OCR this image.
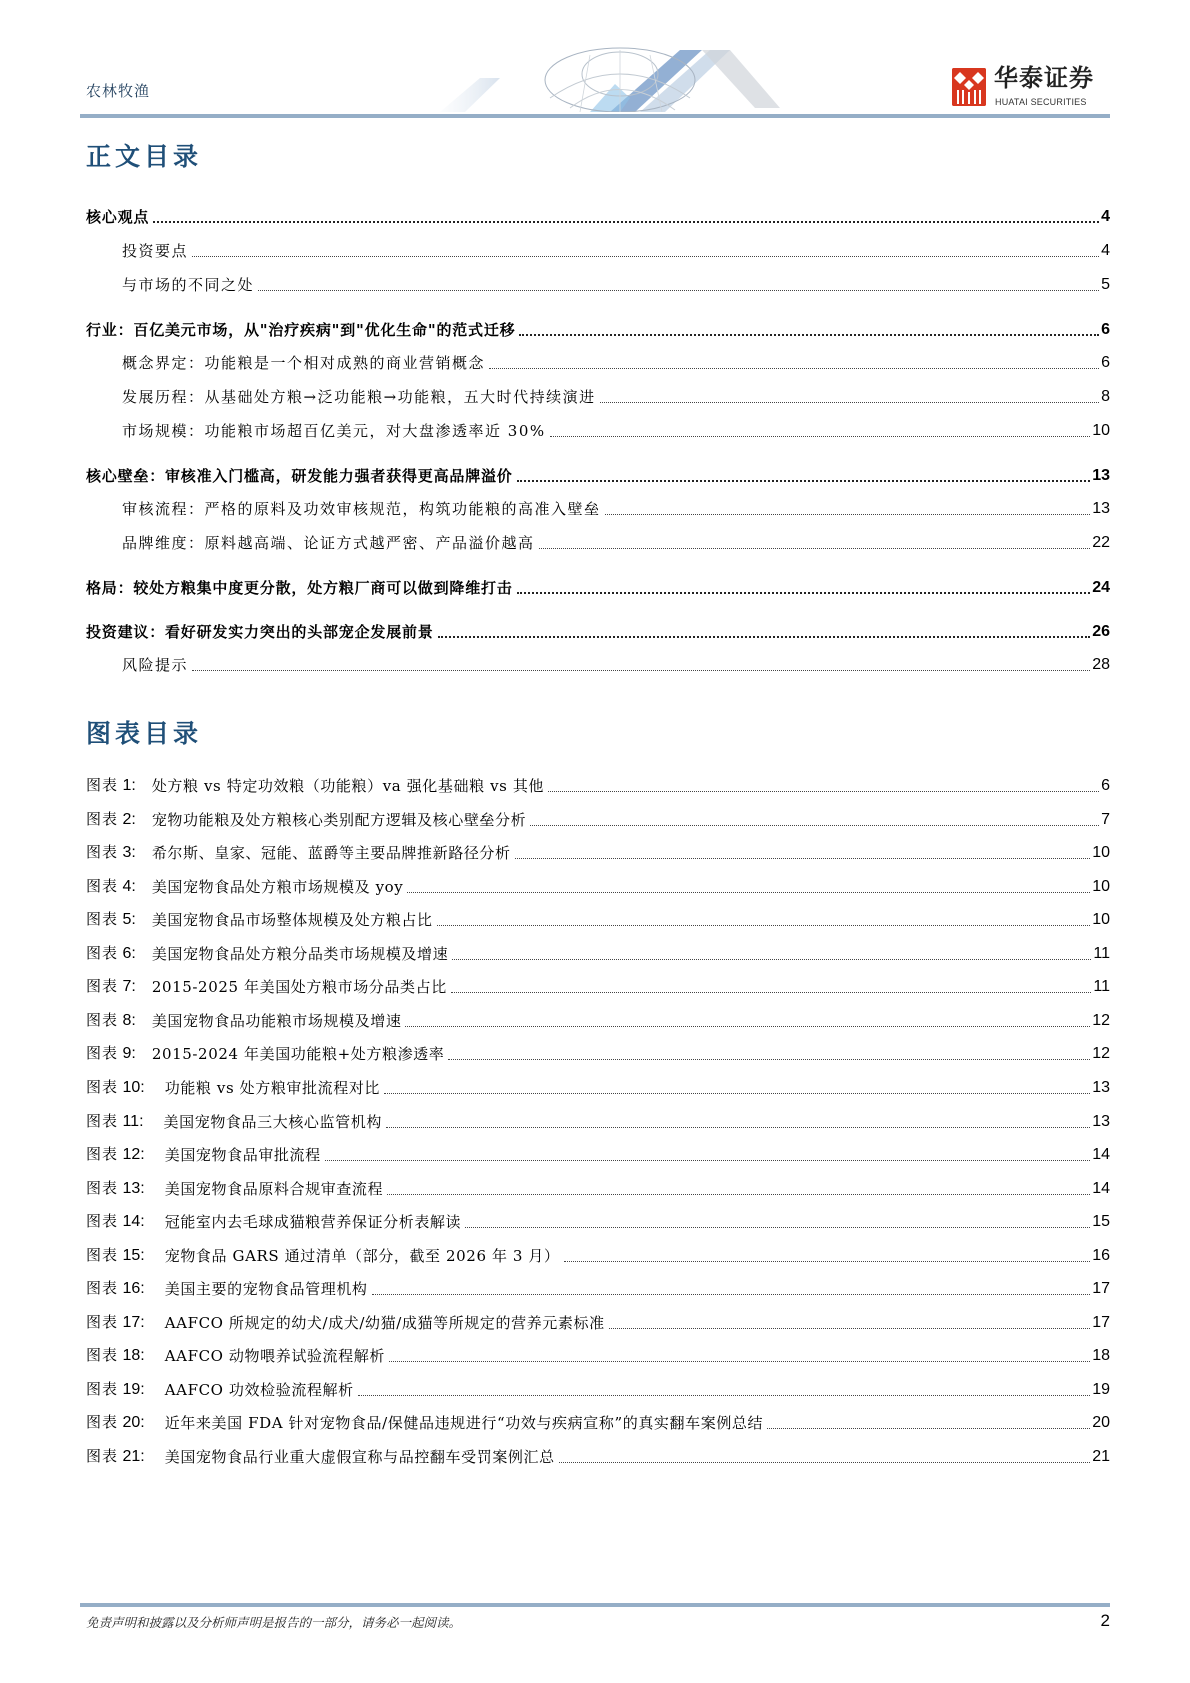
农林牧渔	华泰证券
HUATAI SECURITIES
正文目录
核心观点	4
投资要点	4
与市场的不同之处	5
行业：百亿美元市场，从"治疗疾病"到"优化生命"的范式迁移	6
概念界定：功能粮是一个相对成熟的商业营销概念	6
发展历程：从基础处方粮→泛功能粮→功能粮，五大时代持续演进	8
市场规模：功能粮市场超百亿美元，对大盘渗透率近 30%	10
核心壁垒：审核准入门槛高，研发能力强者获得更高品牌溢价	13
审核流程：严格的原料及功效审核规范，构筑功能粮的高准入壁垒	13
品牌维度：原料越高端、论证方式越严密、产品溢价越高	22
格局：较处方粮集中度更分散，处方粮厂商可以做到降维打击	24
投资建议：看好研发实力突出的头部宠企发展前景	26
风险提示	28
图表目录
图表 1: 处方粮 vs 特定功效粮（功能粮）va 强化基础粮 vs 其他	6
图表 2: 宠物功能粮及处方粮核心类别配方逻辑及核心壁垒分析	7
图表 3: 希尔斯、皇家、冠能、蓝爵等主要品牌推新路径分析	10
图表 4: 美国宠物食品处方粮市场规模及 yoy	10
图表 5: 美国宠物食品市场整体规模及处方粮占比	10
图表 6: 美国宠物食品处方粮分品类市场规模及增速	11
图表 7: 2015-2025 年美国处方粮市场分品类占比	11
图表 8: 美国宠物食品功能粮市场规模及增速	12
图表 9: 2015-2024 年美国功能粮+处方粮渗透率	12
图表 10: 功能粮 vs 处方粮审批流程对比	13
图表 11: 美国宠物食品三大核心监管机构	13
图表 12: 美国宠物食品审批流程	14
图表 13: 美国宠物食品原料合规审查流程	14
图表 14: 冠能室内去毛球成猫粮营养保证分析表解读	15
图表 15: 宠物食品 GARS 通过清单（部分，截至 2026 年 3 月）	16
图表 16: 美国主要的宠物食品管理机构	17
图表 17: AAFCO 所规定的幼犬/成犬/幼猫/成猫等所规定的营养元素标准	17
图表 18: AAFCO 动物喂养试验流程解析	18
图表 19: AAFCO 功效检验流程解析	19
图表 20: 近年来美国 FDA 针对宠物食品/保健品违规进行“功效与疾病宣称”的真实翻车案例总结	20
图表 21: 美国宠物食品行业重大虚假宣称与品控翻车受罚案例汇总	21
免责声明和披露以及分析师声明是报告的一部分，请务必一起阅读。	2
